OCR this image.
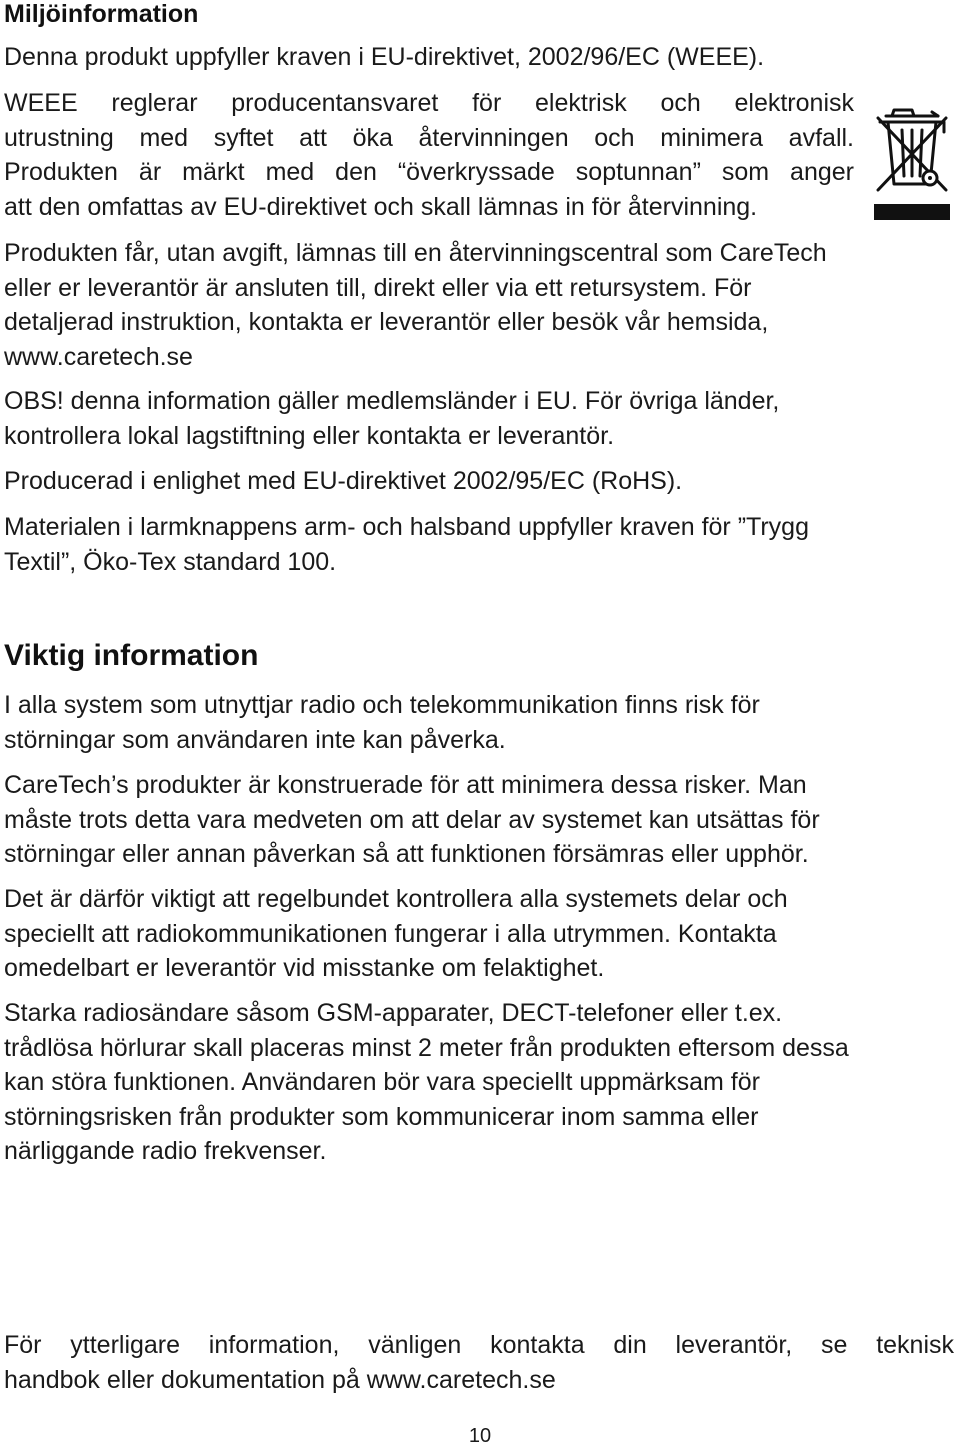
Miljöinformation

Denna produkt uppfyller kraven i EU-direktivet, 2002/96/EC (WEEE).

WEEE reglerar producentansvaret för elektrisk och elektronisk
utrustning med syftet att öka återvinningen och minimera avfall.
Produkten är märkt med den “överkryssade soptunnan” som anger
att den omfattas av EU-direktivet och skall lämnas in för återvinning.

Produkten får, utan avgift, lämnas till en återvinningscentral som CareTech
eller er leverantör är ansluten till, direkt eller via ett retursystem. För
detaljerad instruktion, kontakta er leverantör eller besök vår hemsida,
www.caretech.se

OBS! denna information gäller medlemsländer i EU. För övriga länder,
kontrollera lokal lagstiftning eller kontakta er leverantör.

Producerad i enlighet med EU-direktivet 2002/95/EC (RoHS).

Materialen i larmknappens arm- och halsband uppfyller kraven för ”Trygg
Textil”, Öko-Tex standard 100.

Viktig information

I alla system som utnyttjar radio och telekommunikation finns risk för
störningar som användaren inte kan påverka.

CareTech’s produkter är konstruerade för att minimera dessa risker. Man
måste trots detta vara medveten om att delar av systemet kan utsättas för
störningar eller annan påverkan så att funktionen försämras eller upphör.

Det är därför viktigt att regelbundet kontrollera alla systemets delar och
speciellt att radiokommunikationen fungerar i alla utrymmen. Kontakta
omedelbart er leverantör vid misstanke om felaktighet.

Starka radiosändare såsom GSM-apparater, DECT-telefoner eller t.ex.
trådlösa hörlurar skall placeras minst 2 meter från produkten eftersom dessa
kan störa funktionen. Användaren bör vara speciellt uppmärksam för
störningsrisken från produkter som kommunicerar inom samma eller
närliggande radio frekvenser.

För ytterligare information, vänligen kontakta din leverantör, se teknisk
handbok eller dokumentation på www.caretech.se

10
